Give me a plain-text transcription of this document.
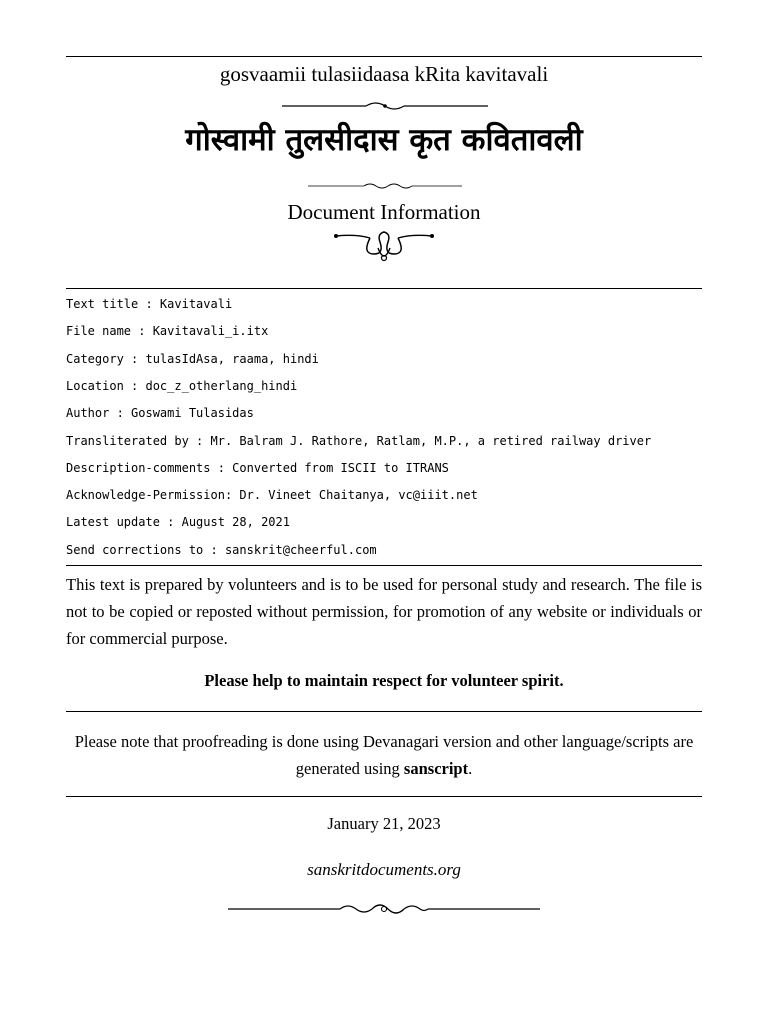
gosvaamii tulasiidaasa kRita kavitavali
गोस्वामी तुलसीदास कृत कवितावली
Document Information
Text title : Kavitavali
File name : Kavitavali_i.itx
Category : tulasIdAsa, raama, hindi
Location : doc_z_otherlang_hindi
Author : Goswami Tulasidas
Transliterated by : Mr. Balram J. Rathore, Ratlam, M.P., a retired railway driver
Description-comments : Converted from ISCII to ITRANS
Acknowledge-Permission: Dr. Vineet Chaitanya, vc@iiit.net
Latest update : August 28, 2021
Send corrections to : sanskrit@cheerful.com
This text is prepared by volunteers and is to be used for personal study and research. The file is not to be copied or reposted without permission, for promotion of any website or individuals or for commercial purpose.
Please help to maintain respect for volunteer spirit.
Please note that proofreading is done using Devanagari version and other language/scripts are generated using sanscript.
January 21, 2023
sanskritdocuments.org
